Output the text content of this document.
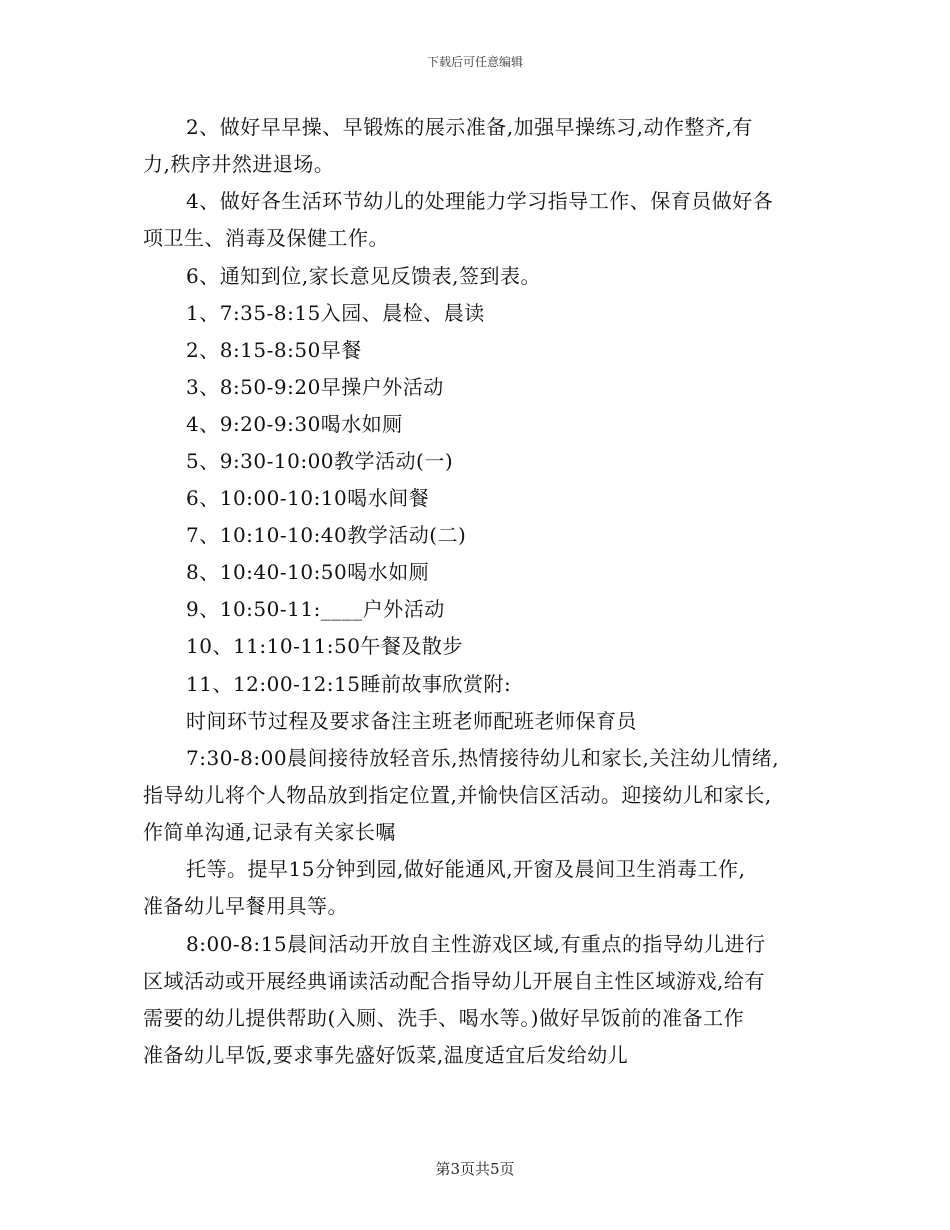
下载后可任意编辑
2、做好早早操、早锻炼的展示准备,加强早操练习,动作整齐,有
力,秩序井然进退场。
4、做好各生活环节幼儿的处理能力学习指导工作、保育员做好各
项卫生、消毒及保健工作。
6、通知到位,家长意见反馈表,签到表。
1、7:35-8:15入园、晨检、晨读
2、8:15-8:50早餐
3、8:50-9:20早操户外活动
4、9:20-9:30喝水如厕
5、9:30-10:00教学活动(一)
6、10:00-10:10喝水间餐
7、10:10-10:40教学活动(二)
8、10:40-10:50喝水如厕
9、10:50-11:____户外活动
10、11:10-11:50午餐及散步
11、12:00-12:15睡前故事欣赏附:
时间环节过程及要求备注主班老师配班老师保育员
7:30-8:00晨间接待放轻音乐,热情接待幼儿和家长,关注幼儿情绪,
指导幼儿将个人物品放到指定位置,并愉快信区活动。迎接幼儿和家长,
作简单沟通,记录有关家长嘱
托等。提早15分钟到园,做好能通风,开窗及晨间卫生消毒工作,
准备幼儿早餐用具等。
8:00-8:15晨间活动开放自主性游戏区域,有重点的指导幼儿进行
区域活动或开展经典诵读活动配合指导幼儿开展自主性区域游戏,给有
需要的幼儿提供帮助(入厕、洗手、喝水等。)做好早饭前的准备工作
准备幼儿早饭,要求事先盛好饭菜,温度适宜后发给幼儿
第3页共5页
